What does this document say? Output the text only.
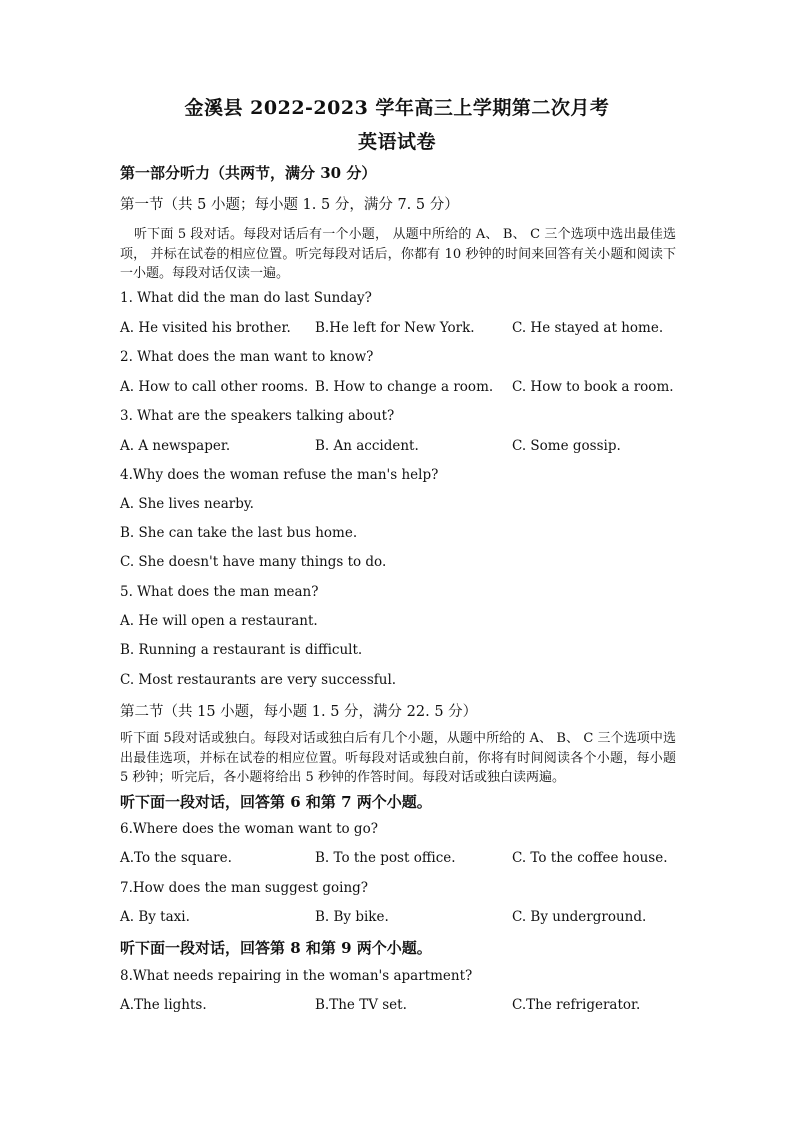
金溪县 2022-2023 学年高三上学期第二次月考
英语试卷
第一部分听力（共两节，满分 30 分）
第一节（共 5 小题；每小题 1. 5 分，满分 7. 5 分）
听下面 5 段对话。每段对话后有一个小题， 从题中所给的 A、 B、 C 三个选项中选出最佳选项， 并标在试卷的相应位置。听完每段对话后，你都有 10 秒钟的时间来回答有关小题和阅读下一小题。每段对话仅读一遍。
1. What did the man do last Sunday?
A. He visited his brother. B.He left for New York.	C. He stayed at home.
2. What does the man want to know?
A. How to call other rooms. B. How to change a room. C. How to book a room.
3. What are the speakers talking about?
A. A newspaper.	B. An accident.	C. Some gossip.
4.Why does the woman refuse the man's help?
A. She lives nearby.
B. She can take the last bus home.
C. She doesn't have many things to do.
5. What does the man mean?
A. He will open a restaurant.
B. Running a restaurant is difficult.
C. Most restaurants are very successful.
第二节（共 15 小题，每小题 1. 5 分，满分 22. 5 分）
听下面 5段对话或独白。每段对话或独白后有几个小题，从题中所给的 A、 B、 C 三个选项中选出最佳选项，并标在试卷的相应位置。听每段对话或独白前，你将有时间阅读各个小题，每小题 5 秒钟；听完后，各小题将给出 5 秒钟的作答时间。每段对话或独白读两遍。
听下面一段对话，回答第 6 和第 7 两个小题。
6.Where does the woman want to go?
A.To the square.	B. To the post office.	C. To the coffee house.
7.How does the man suggest going?
A. By taxi.	B. By bike.	C. By underground.
听下面一段对话，回答第 8 和第 9 两个小题。
8.What needs repairing in the woman's apartment?
A.The lights.	B.The TV set.	C.The refrigerator.
